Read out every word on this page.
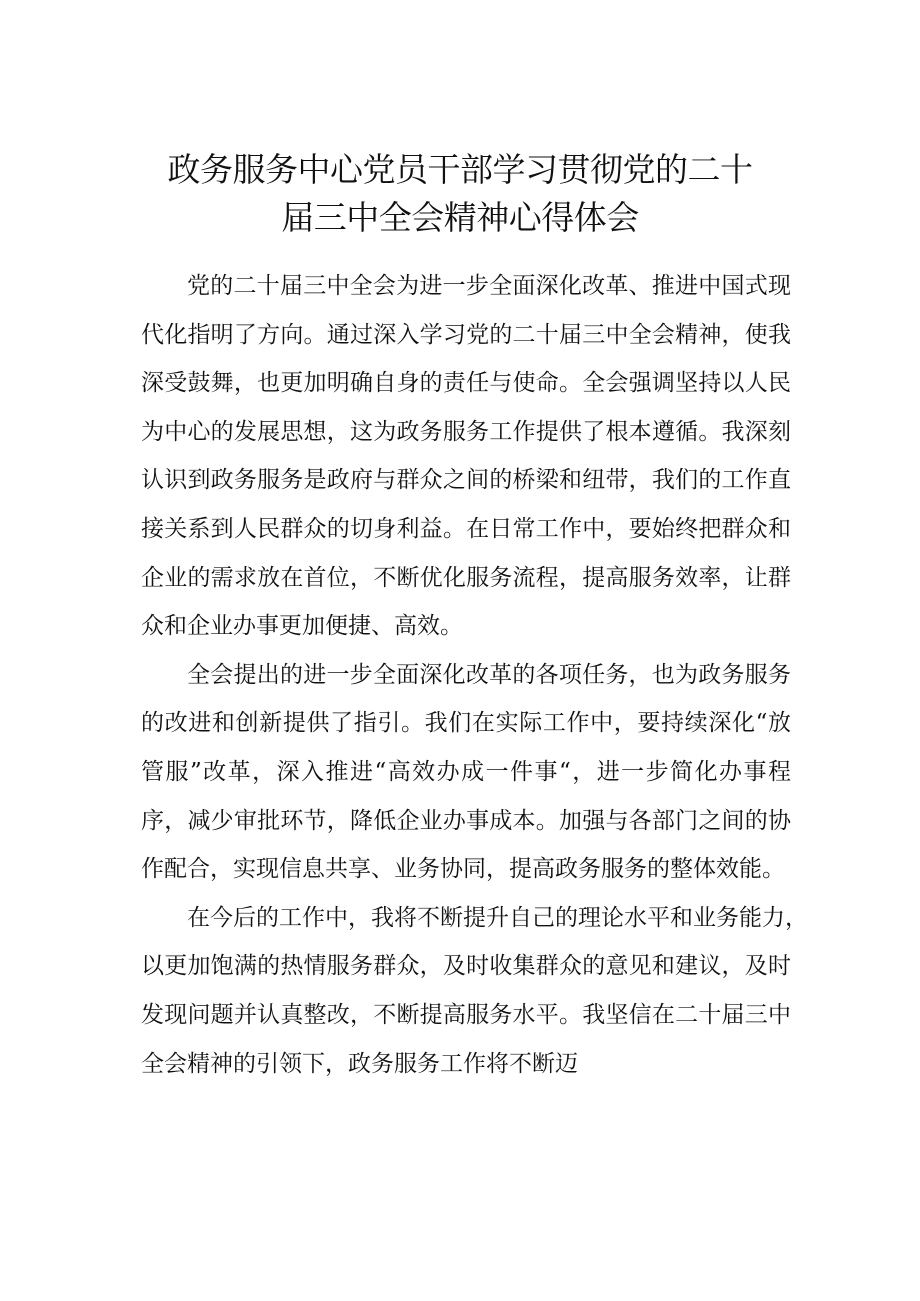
政务服务中心党员干部学习贯彻党的二十
届三中全会精神心得体会
党的二十届三中全会为进一步全面深化改革、推进中国式现
代化指明了方向。通过深入学习党的二十届三中全会精神，使我
深受鼓舞，也更加明确自身的责任与使命。全会强调坚持以人民
为中心的发展思想，这为政务服务工作提供了根本遵循。我深刻
认识到政务服务是政府与群众之间的桥梁和纽带，我们的工作直
接关系到人民群众的切身利益。在日常工作中，要始终把群众和
企业的需求放在首位，不断优化服务流程，提高服务效率，让群
众和企业办事更加便捷、高效。
全会提出的进一步全面深化改革的各项任务，也为政务服务
的改进和创新提供了指引。我们在实际工作中，要持续深化“放
管服”改革，深入推进“高效办成一件事“，进一步简化办事程
序，减少审批环节，降低企业办事成本。加强与各部门之间的协
作配合，实现信息共享、业务协同，提高政务服务的整体效能。
在今后的工作中，我将不断提升自己的理论水平和业务能力，
以更加饱满的热情服务群众，及时收集群众的意见和建议，及时
发现问题并认真整改，不断提高服务水平。我坚信在二十届三中
全会精神的引领下，政务服务工作将不断迈
